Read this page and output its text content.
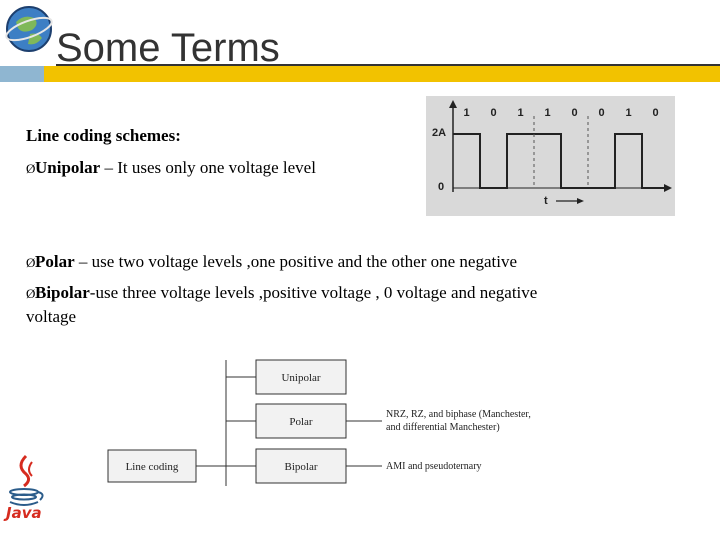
Some Terms
Line coding schemes:
ØUnipolar – It uses only one voltage level
ØPolar – use two voltage levels ,one positive and the other one negative
ØBipolar-use three voltage levels ,positive voltage , 0 voltage and negative
voltage
2A
0
1 0 1 1 0 0 1 0
t
Line coding
Unipolar
Polar
Bipolar
NRZ, RZ, and biphase (Manchester,
and differential Manchester)
AMI and pseudoternary
Java
